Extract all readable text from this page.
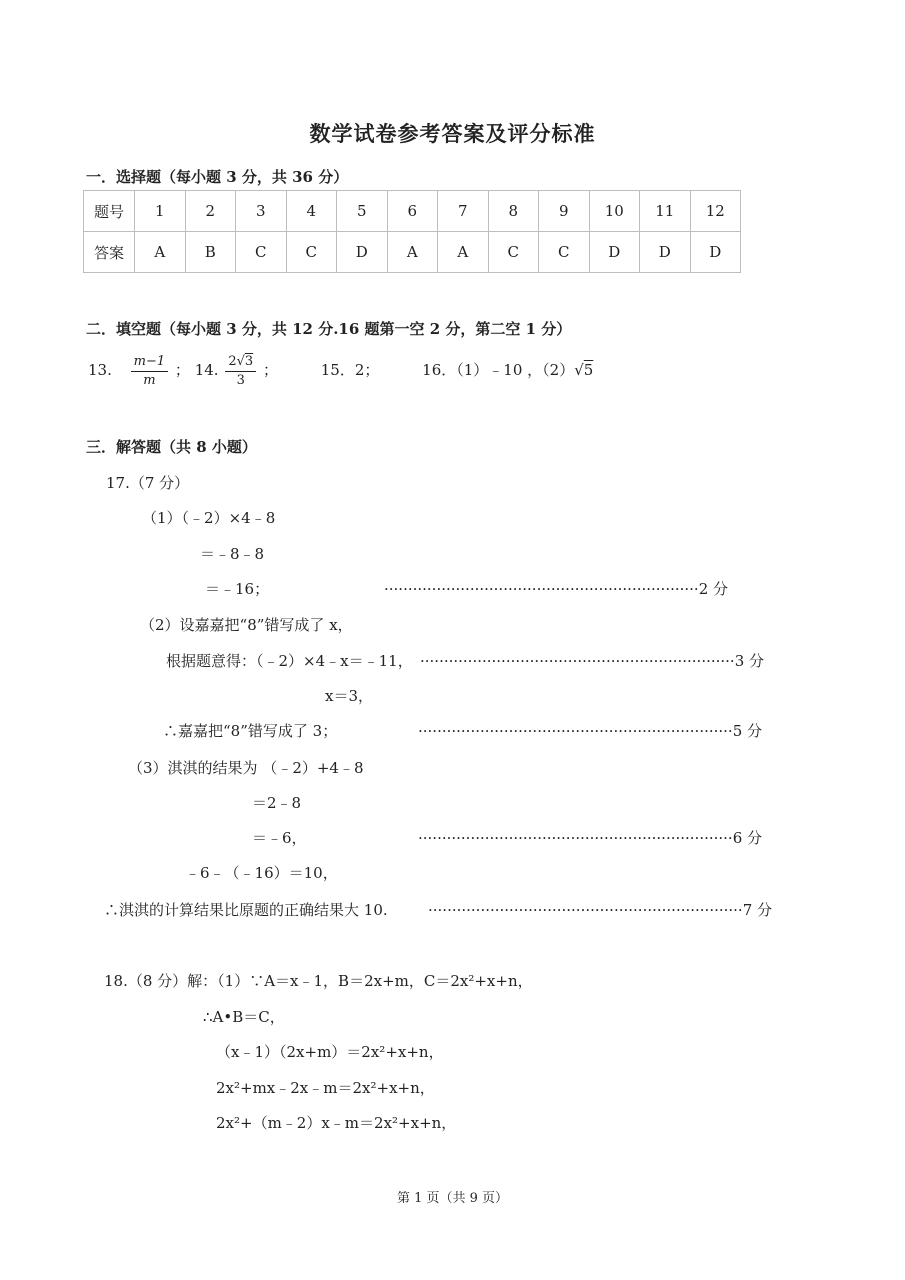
数学试卷参考答案及评分标准
一．选择题（每小题 3 分，共 36 分）
题号	1	2	3	4	5	6	7	8	9	10	11	12
答案	A	B	C	C	D	A	A	C	C	D	D	D
二．填空题（每小题 3 分，共 12 分.16 题第一空 2 分，第二空 1 分）
13. $\frac{m-1}{m}$ ； 14. $\frac{2√3}{3}$ ；	15．2；	16．（1）﹣10 ，（2）√5
三．解答题（共 8 小题）
17.（7 分）
（1）（﹣2）×4﹣8
＝﹣8﹣8
＝﹣16；	··································································2 分
（2）设嘉嘉把“8”错写成了 x，
根据题意得：（﹣2）×4﹣x＝﹣11， ··································································3 分
x＝3，
∴嘉嘉把“8”错写成了 3；	··································································5 分
（3）淇淇的结果为 （﹣2）+4﹣8
＝2﹣8
＝﹣6，	··································································6 分
﹣6﹣（﹣16）＝10，
∴淇淇的计算结果比原题的正确结果大 10.	··································································7 分
18.（8 分）解：（1）∵A＝x﹣1，B＝2x+m，C＝2x²+x+n，
∴A•B＝C，
（x﹣1）（2x+m）＝2x²+x+n，
2x²+mx﹣2x﹣m＝2x²+x+n，
2x²+（m﹣2）x﹣m＝2x²+x+n，
第 1 页（共 9 页）
